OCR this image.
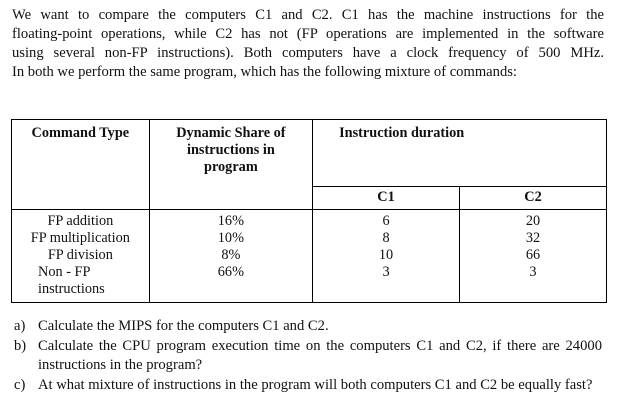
We want to compare the computers C1 and C2. C1 has the machine instructions for the
floating-point operations, while C2 has not (FP operations are implemented in the software
using several non-FP instructions). Both computers have a clock frequency of 500 MHz.
In both we perform the same program, which has the following mixture of commands:
Command Type	Dynamic Share of instructions in program	Instruction duration	
		C1	C2
FP addition	16%	6	20
FP multiplication	10%	8	32
FP division	8%	10	66
Non - FP instructions	66%	3	3
a) Calculate the MIPS for the computers C1 and C2.
b) Calculate the CPU program execution time on the computers C1 and C2, if there are 24000 instructions in the program?
c) At what mixture of instructions in the program will both computers C1 and C2 be equally fast?
